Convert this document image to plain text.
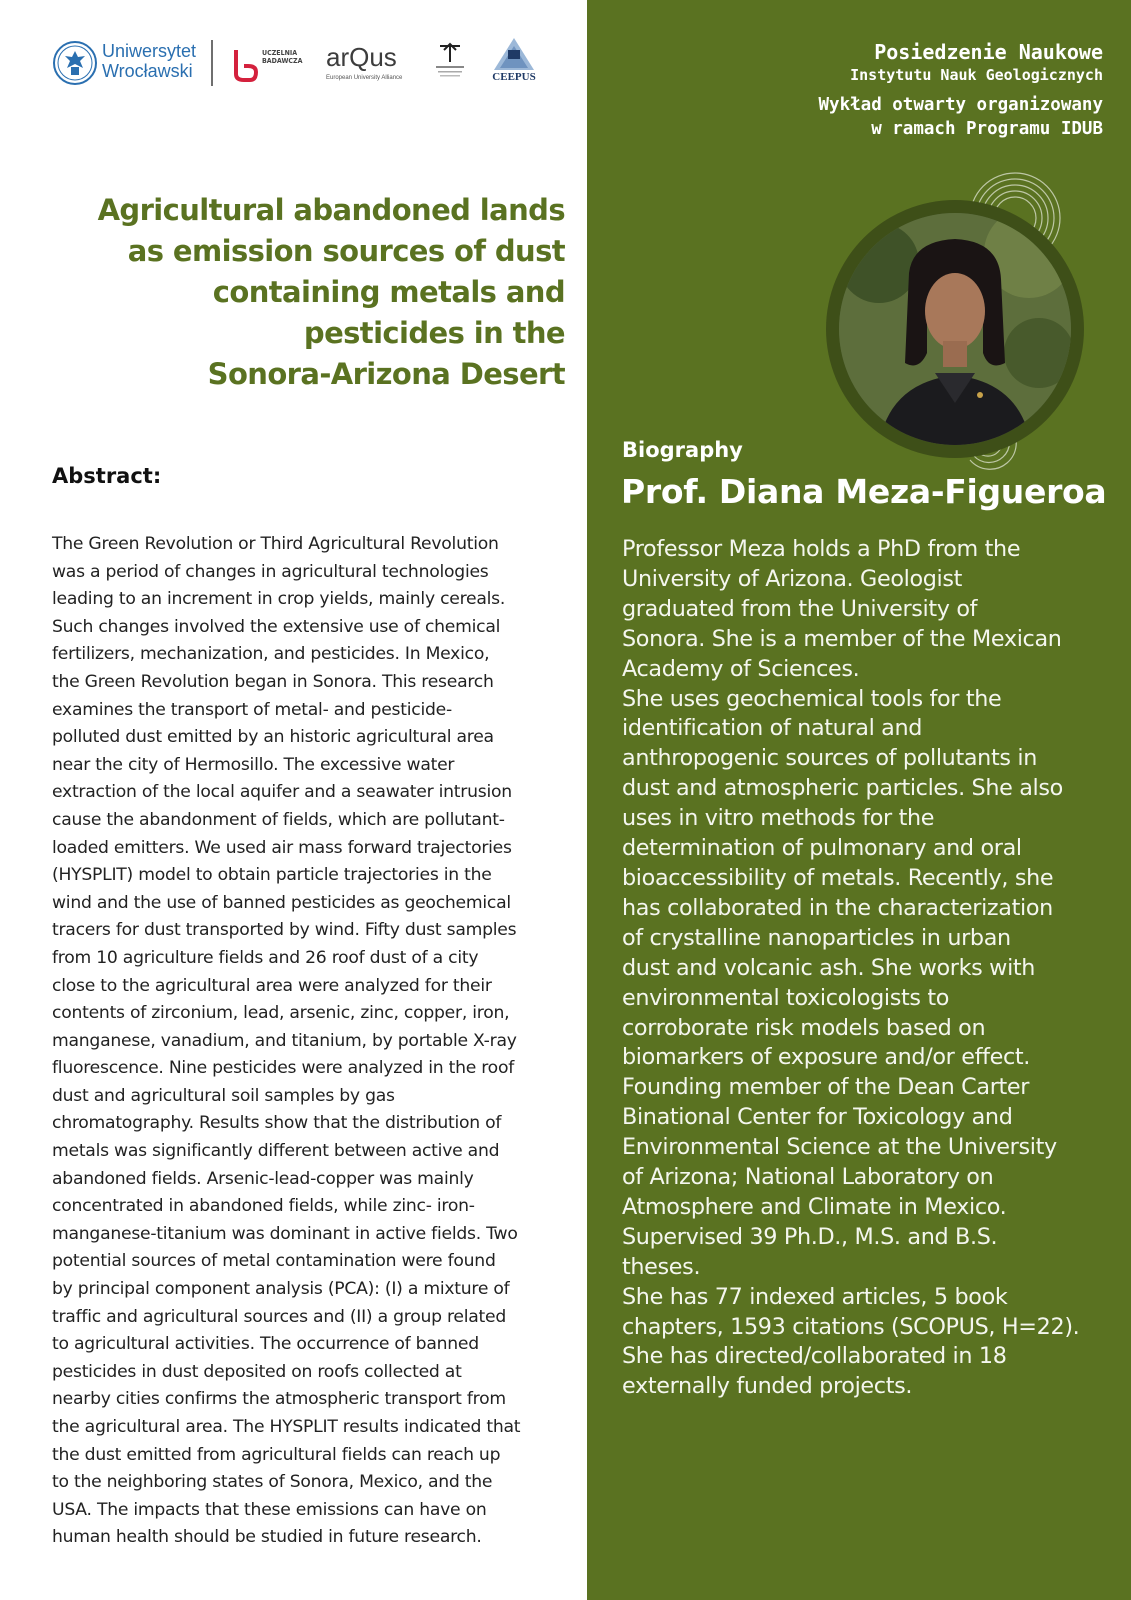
Uniwersytet
Wrocławski
UCZELNIA
BADAWCZA arQus
European University Alliance	CEEPUS
Agricultural abandoned lands
as emission sources of dust
containing metals and
pesticides in the
Sonora-Arizona Desert
Abstract:
The Green Revolution or Third Agricultural Revolution
was a period of changes in agricultural technologies
leading to an increment in crop yields, mainly cereals.
Such changes involved the extensive use of chemical
fertilizers, mechanization, and pesticides. In Mexico,
the Green Revolution began in Sonora. This research
examines the transport of metal- and pesticide-
polluted dust emitted by an historic agricultural area
near the city of Hermosillo. The excessive water
extraction of the local aquifer and a seawater intrusion
cause the abandonment of fields, which are pollutant-
loaded emitters. We used air mass forward trajectories
(HYSPLIT) model to obtain particle trajectories in the
wind and the use of banned pesticides as geochemical
tracers for dust transported by wind. Fifty dust samples
from 10 agriculture fields and 26 roof dust of a city
close to the agricultural area were analyzed for their
contents of zirconium, lead, arsenic, zinc, copper, iron,
manganese, vanadium, and titanium, by portable X-ray
fluorescence. Nine pesticides were analyzed in the roof
dust and agricultural soil samples by gas
chromatography. Results show that the distribution of
metals was significantly different between active and
abandoned fields. Arsenic-lead-copper was mainly
concentrated in abandoned fields, while zinc- iron-
manganese-titanium was dominant in active fields. Two
potential sources of metal contamination were found
by principal component analysis (PCA): (I) a mixture of
traffic and agricultural sources and (II) a group related
to agricultural activities. The occurrence of banned
pesticides in dust deposited on roofs collected at
nearby cities confirms the atmospheric transport from
the agricultural area. The HYSPLIT results indicated that
the dust emitted from agricultural fields can reach up
to the neighboring states of Sonora, Mexico, and the
USA. The impacts that these emissions can have on
human health should be studied in future research.
Posiedzenie Naukowe
Instytutu Nauk Geologicznych
Wykład otwarty organizowany
w ramach Programu IDUB
Biography
Prof. Diana Meza-Figueroa
Professor Meza holds a PhD from the
University of Arizona. Geologist
graduated from the University of
Sonora. She is a member of the Mexican
Academy of Sciences.
She uses geochemical tools for the
identification of natural and
anthropogenic sources of pollutants in
dust and atmospheric particles. She also
uses in vitro methods for the
determination of pulmonary and oral
bioaccessibility of metals. Recently, she
has collaborated in the characterization
of crystalline nanoparticles in urban
dust and volcanic ash. She works with
environmental toxicologists to
corroborate risk models based on
biomarkers of exposure and/or effect.
Founding member of the Dean Carter
Binational Center for Toxicology and
Environmental Science at the University
of Arizona; National Laboratory on
Atmosphere and Climate in Mexico.
Supervised 39 Ph.D., M.S. and B.S.
theses.
She has 77 indexed articles, 5 book
chapters, 1593 citations (SCOPUS, H=22).
She has directed/collaborated in 18
externally funded projects.
